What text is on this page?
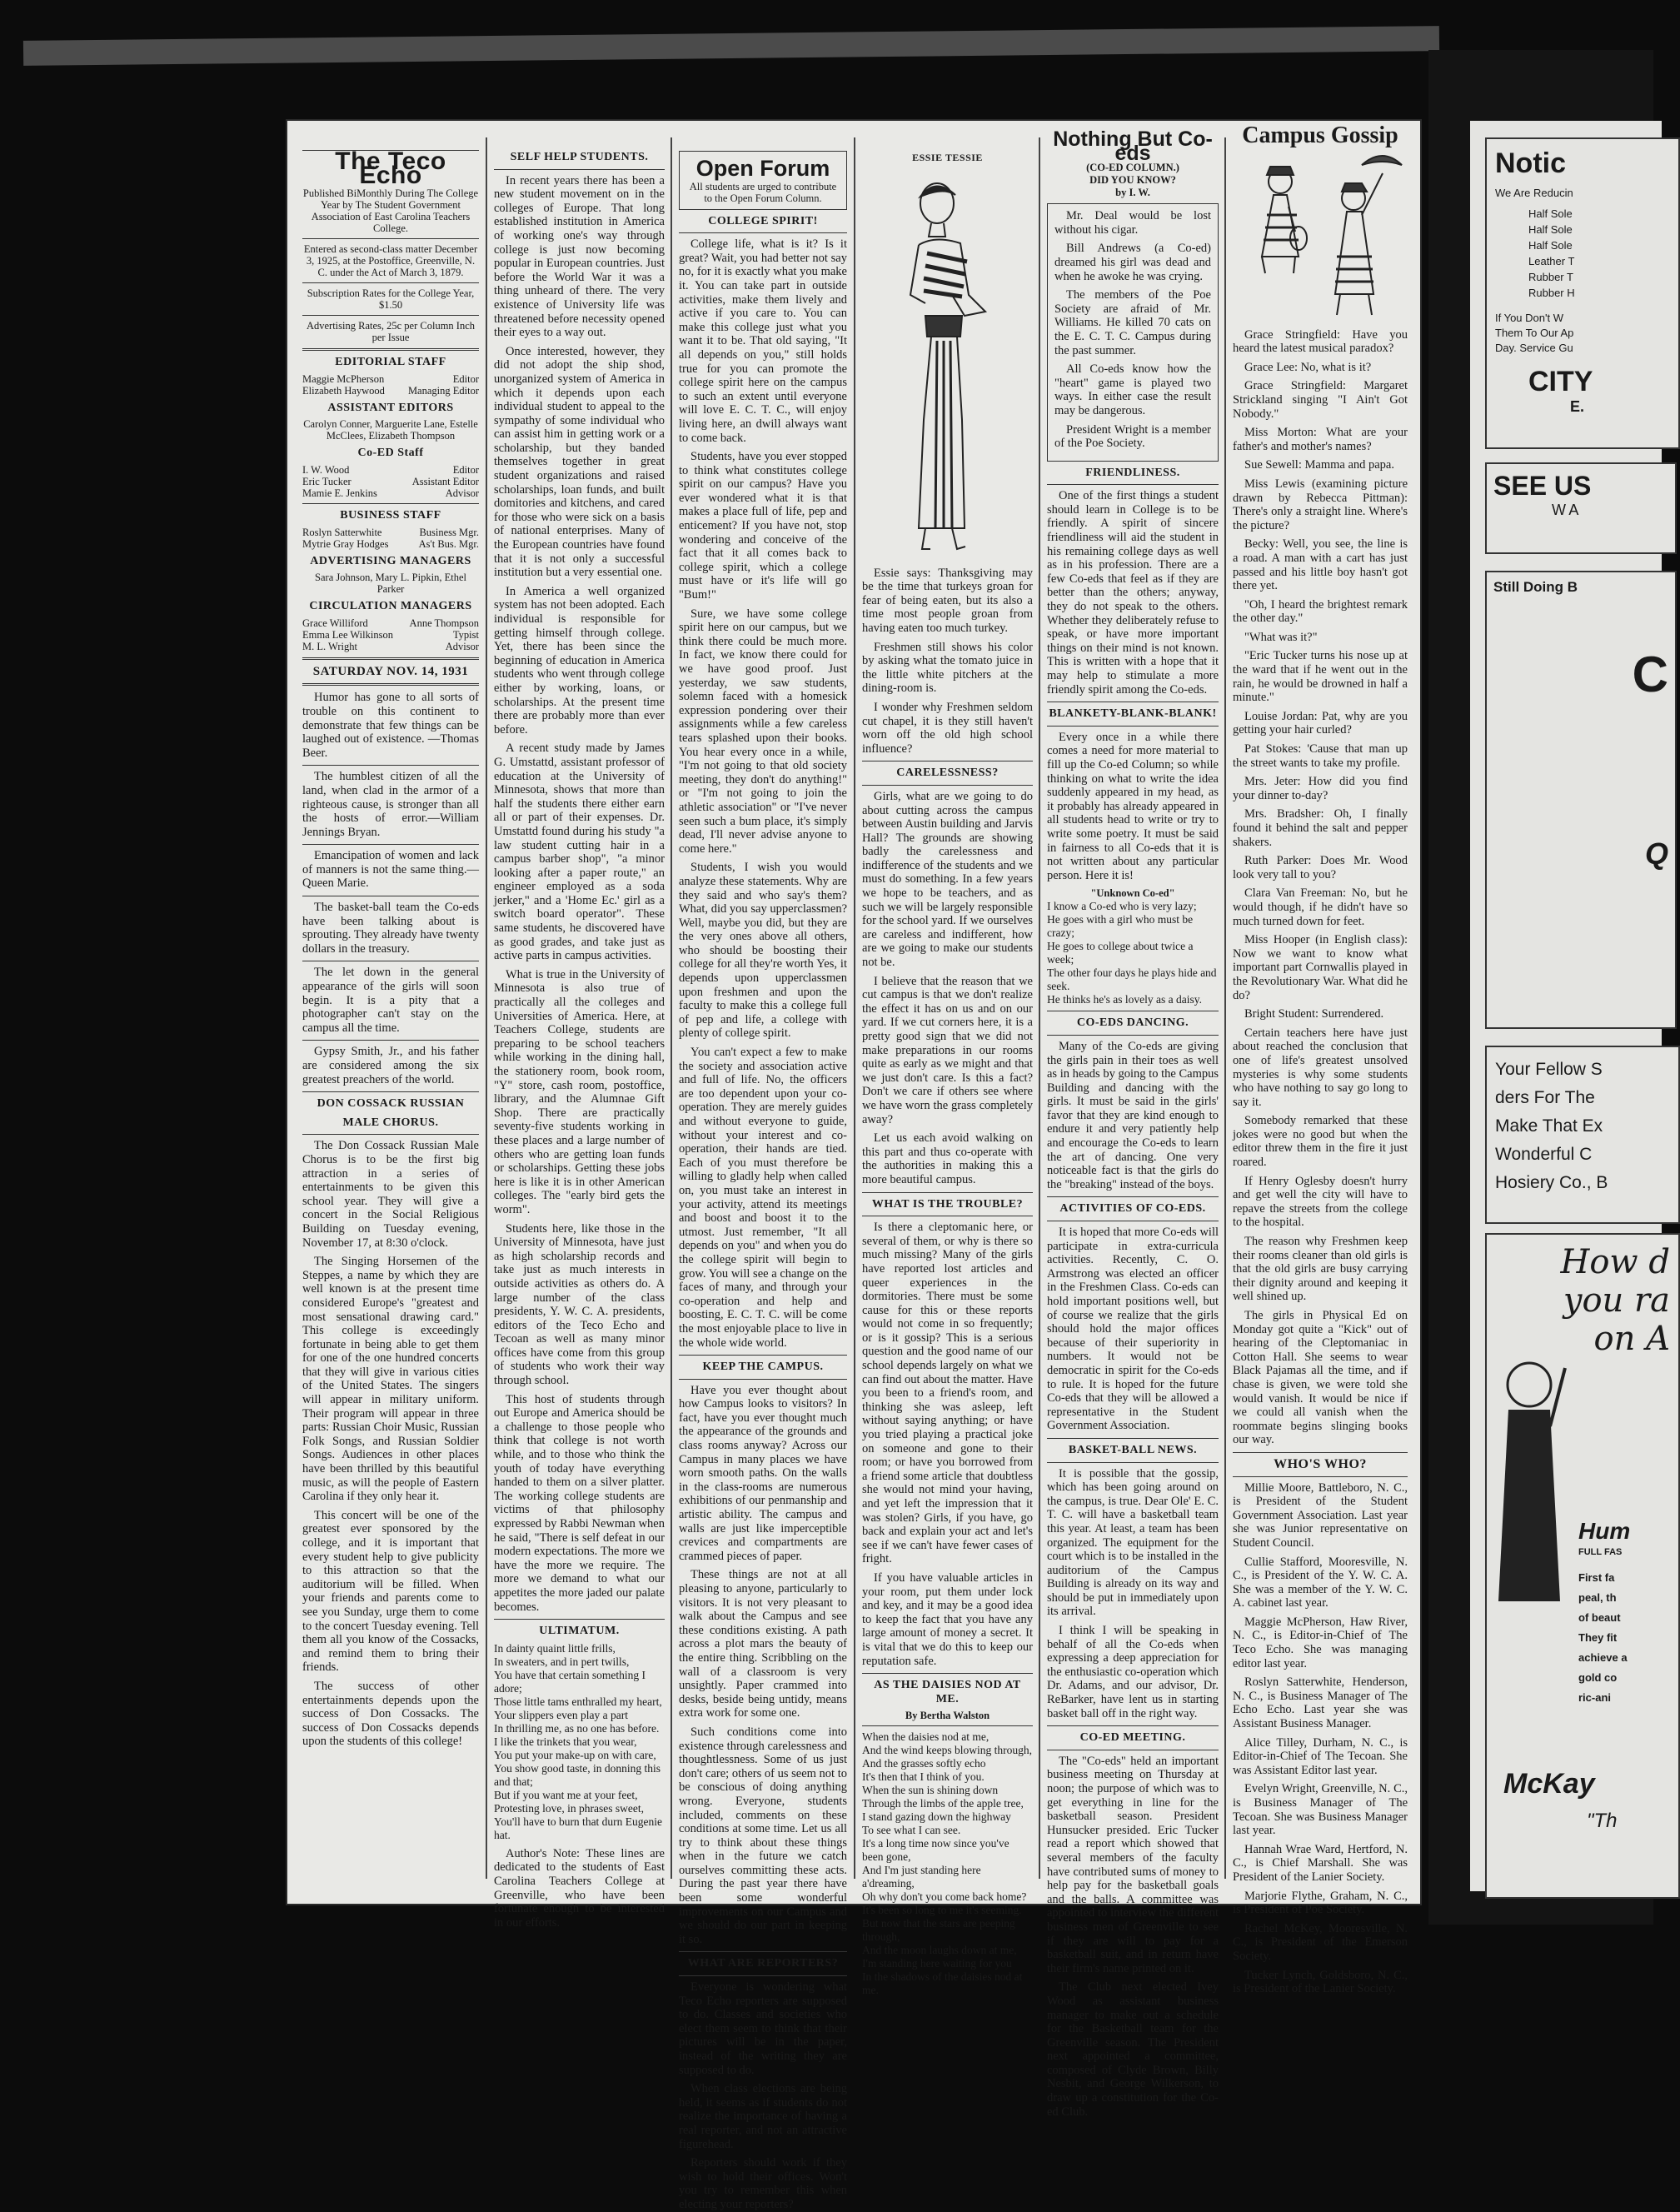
The Teco Echo
Published BiMonthly During The College Year by The Student Government Association of East Carolina Teachers College.
Entered as second-class matter December 3, 1925, at the Postoffice, Greenville, N. C. under the Act of March 3, 1879.
Subscription Rates for the College Year, $1.50
Advertising Rates, 25c per Column Inch per Issue
EDITORIAL STAFF
Maggie McPherson	Editor
Elizabeth Haywood Managing Editor
ASSISTANT EDITORS
Carolyn Conner, Marguerite Lane, Estelle McClees, Elizabeth Thompson
Co-ED Staff
I. W. Wood	Editor
Eric Tucker	Assistant Editor
Mamie E. Jenkins	Advisor
BUSINESS STAFF
Roslyn Satterwhite	Business Mgr.
Mytrie Gray Hodges	As't Bus. Mgr.
ADVERTISING MANAGERS
Sara Johnson, Mary L. Pipkin, Ethel Parker
CIRCULATION MANAGERS
Grace Williford	Anne Thompson
Emma Lee Wilkinson	Typist
M. L. Wright	Advisor
SATURDAY NOV. 14, 1931

Humor has gone to all sorts of trouble on this continent to demonstrate that few things can be laughed out of existence. —Thomas Beer.

The humblest citizen of all the land, when clad in the armor of a righteous cause, is stronger than all the hosts of error.—William Jennings Bryan.

Emancipation of women and lack of manners is not the same thing.—Queen Marie.

The basket-ball team the Co-eds have been talking about is sprouting. They already have twenty dollars in the treasury.

The let down in the general appearance of the girls will soon begin. It is a pity that a photographer can't stay on the campus all the time.

Gypsy Smith, Jr., and his father are considered among the six greatest preachers of the world.

DON COSSACK RUSSIAN
MALE CHORUS.

The Don Cossack Russian Male Chorus is to be the first big attraction in a series of entertainments to be given this school year. They will give a concert in the Social Religious Building on Tuesday evening, November 17, at 8:30 o'clock.

The Singing Horsemen of the Steppes, a name by which they are well known is at the present time considered Europe's "greatest and most sensational drawing card." This college is exceedingly fortunate in being able to get them for one of the one hundred concerts that they will give in various cities of the United States. The singers will appear in military uniform. Their program will appear in three parts: Russian Choir Music, Russian Folk Songs, and Russian Soldier Songs. Audiences in other places have been thrilled by this beautiful music, as will the people of Eastern Carolina if they only hear it.

This concert will be one of the greatest ever sponsored by the college, and it is important that every student help to give publicity to this attraction so that the auditorium will be filled. When your friends and parents come to see you Sunday, urge them to come to the concert Tuesday evening. Tell them all you know of the Cossacks, and remind them to bring their friends.

The success of other entertainments depends upon the success of Don Cossacks. The success of Don Cossacks depends upon the students of this college!

SELF HELP STUDENTS.

In recent years there has been a new student movement on in the colleges of Europe. That long established institution in America of working one's way through college is just now becoming popular in European countries. Just before the World War it was a thing unheard of there. The very existence of University life was threatened before necessity opened their eyes to a way out.

Once interested, however, they did not adopt the ship shod, unorganized system of America in which it depends upon each individual student to appeal to the sympathy of some individual who can assist him in getting work or a scholarship, but they banded themselves together in great student organizations and raised scholarships, loan funds, and built domitories and kitchens, and cared for those who were sick on a basis of national enterprises. Many of the European countries have found that it is not only a successful institution but a very essential one.

In America a well organized system has not been adopted. Each individual is responsible for getting himself through college. Yet, there has been since the beginning of education in America students who went through college either by working, loans, or scholarships. At the present time there are probably more than ever before.

A recent study made by James G. Umstattd, assistant professor of education at the University of Minnesota, shows that more than half the students there either earn all or part of their expenses. Dr. Umstattd found during his study "a law student cutting hair in a campus barber shop", "a minor looking after a paper route," an engineer employed as a soda jerker," and a 'Home Ec.' girl as a switch board operator". These same students, he discovered have as good grades, and take just as active parts in campus activities.

What is true in the University of Minnesota is also true of practically all the colleges and Universities of America. Here, at Teachers College, students are preparing to be school teachers while working in the dining hall, the stationery room, book room, "Y" store, cash room, postoffice, library, and the Alumnae Gift Shop. There are practically seventy-five students working in these places and a large number of others who are getting loan funds or scholarships. Getting these jobs here is like it is in other American colleges. The "early bird gets the worm".

Students here, like those in the University of Minnesota, have just as high scholarship records and take just as much interests in outside activities as others do. A large number of the class presidents, Y. W. C. A. presidents, editors of the Teco Echo and Tecoan as well as many minor offices have come from this group of students who work their way through school.

This host of students through out Europe and America should be a challenge to those people who think that college is not worth while, and to those who think the youth of today have everything handed to them on a silver platter. The working college students are victims of that philosophy expressed by Rabbi Newman when he said, "There is self defeat in our modern expectations. The more we have the more we require. The more we demand to what our appetites the more jaded our palate becomes.

ULTIMATUM.
In dainty quaint little frills,
In sweaters, and in pert twills,
You have that certain something I adore;
Those little tams enthralled my heart,
Your slippers even play a part
In thrilling me, as no one has before.
I like the trinkets that you wear,
You put your make-up on with care,
You show good taste, in donning this and that;
But if you want me at your feet,
Protesting love, in phrases sweet,
You'll have to burn that durn Eugenie hat.

Author's Note: These lines are dedicated to the students of East Carolina Teachers College at Greenville, who have been fortunate enough to be interested in our efforts.

Open Forum
All students are urged to contribute to the Open Forum Column.
COLLEGE SPIRIT!

College life, what is it? Is it great? Wait, you had better not say no, for it is exactly what you make it. You can take part in outside activities, make them lively and active if you care to. You can make this college just what you want it to be. That old saying, "It all depends on you," still holds true for you can promote the college spirit here on the campus to such an extent until everyone will love E. C. T. C., will enjoy living here, an dwill always want to come back.

Students, have you ever stopped to think what constitutes college spirit on our campus? Have you ever wondered what it is that makes a place full of life, pep and enticement? If you have not, stop wondering and conceive of the fact that it all comes back to college spirit, which a college must have or it's life will go "Bum!"

Sure, we have some college spirit here on our campus, but we think there could be much more. In fact, we know there could for we have good proof. Just yesterday, we saw students, solemn faced with a homesick expression pondering over their assignments while a few careless tears splashed upon their books. You hear every once in a while, "I'm not going to that old society meeting, they don't do anything!" or "I'm not going to join the athletic association" or "I've never seen such a bum place, it's simply dead, I'll never advise anyone to come here."

Students, I wish you would analyze these statements. Why are they said and who say's them? What, did you say upperclassmen? Well, maybe you did, but they are the very ones above all others, who should be boosting their college for all they're worth Yes, it depends upon upperclassmen upon freshmen and upon the faculty to make this a college full of pep and life, a college with plenty of college spirit.

You can't expect a few to make the society and association active and full of life. No, the officers are too dependent upon your co-operation. They are merely guides and without everyone to guide, without your interest and co-operation, their hands are tied. Each of you must therefore be willing to gladly help when called on, you must take an interest in your activity, attend its meetings and boost and boost it to the utmost. Just remember, "It all depends on you" and when you do the college spirit will begin to grow. You will see a change on the faces of many, and through your co-operation and help and boosting, E. C. T. C. will be come the most enjoyable place to live in the whole wide world.

KEEP THE CAMPUS.

Have you ever thought about how Campus looks to visitors? In fact, have you ever thought much the appearance of the grounds and class rooms anyway? Across our Campus in many places we have worn smooth paths. On the walls in the class-rooms are numerous exhibitions of our penmanship and artistic ability. The campus and walls are just like imperceptible crevices and compartments are crammed pieces of paper.

These things are not at all pleasing to anyone, particularly to visitors. It is not very pleasant to walk about the Campus and see these conditions existing. A path across a plot mars the beauty of the entire thing. Scribbling on the wall of a classroom is very unsightly. Paper crammed into desks, beside being untidy, means extra work for some one.

Such conditions come into existence through carelessness and thoughtlessness. Some of us just don't care; others of us seem not to be conscious of doing anything wrong. Everyone, students included, comments on these conditions at some time. Let us all try to think about these things when in the future we catch ourselves committing these acts. During the past year there have been some wonderful improvements on our Campus and we should do our part in keeping it so.

WHAT ARE REPORTERS?

Everyone is wondering what Teco Echo reporters are supposed to do. Classes and societies who elect them seem to think that their pictures will be in the paper, instead of the writing they are supposed to do.

When class elections are being held, it seems as if students do not realize the importance of having a real reporter, and not an attractive figurehead.

Reporters should work if they wish to hold their offices. Won't you try to remember this when electing your reporters?

ESSIE TESSIE

Essie says: Thanksgiving may be the time that turkeys groan for fear of being eaten, but its also a time most people groan from having eaten too much turkey.

Freshmen still shows his color by asking what the tomato juice in the little white pitchers at the dining-room is.

I wonder why Freshmen seldom cut chapel, it is they still haven't worn off the old high school influence?

CARELESSNESS?

Girls, what are we going to do about cutting across the campus between Austin building and Jarvis Hall? The grounds are showing badly the carelessness and indifference of the students and we must do something. In a few years we hope to be teachers, and as such we will be largely responsible for the school yard. If we ourselves are careless and indifferent, how are we going to make our students not be.

I believe that the reason that we cut campus is that we don't realize the effect it has on us and on our yard. If we cut corners here, it is a pretty good sign that we did not make preparations in our rooms quite as early as we might and that we just don't care. Is this a fact? Don't we care if others see where we have worn the grass completely away?

Let us each avoid walking on this part and thus co-operate with the authorities in making this a more beautiful campus.

WHAT IS THE TROUBLE?

Is there a cleptomanic here, or several of them, or why is there so much missing? Many of the girls have reported lost articles and queer experiences in the dormitories. There must be some cause for this or these reports would not come in so frequently; or is it gossip? This is a serious question and the good name of our school depends largely on what we can find out about the matter. Have you been to a friend's room, and thinking she was asleep, left without saying anything; or have you tried playing a practical joke on someone and gone to their room; or have you borrowed from a friend some article that doubtless she would not mind your having, and yet left the impression that it was stolen? Girls, if you have, go back and explain your act and let's see if we can't have fewer cases of fright.

If you have valuable articles in your room, put them under lock and key, and it may be a good idea to keep the fact that you have any large amount of money a secret. It is vital that we do this to keep our reputation safe.

AS THE DAISIES NOD AT ME.
By Bertha Walston
When the daisies nod at me,
And the wind keeps blowing through,
And the grasses softly echo
It's then that I think of you.
When the sun is shining down
Through the limbs of the apple tree,
I stand gazing down the highway
To see what I can see.
It's a long time now since you've been gone,
And I'm just standing here a'dreaming,
Oh why don't you come back home?
It's been so long to me it's seeming.
But now that the stars are peeping through,
And the moon laughs down at me,
I'm standing here waiting for you
In the shadows of the daisies nod at me.
Nothing But Co-eds
(CO-ED COLUMN.)
DID YOU KNOW?
by I. W.

Mr. Deal would be lost without his cigar.

Bill Andrews (a Co-ed) dreamed his girl was dead and when he awoke he was crying.

The members of the Poe Society are afraid of Mr. Williams. He killed 70 cats on the E. C. T. C. Campus during the past summer.

All Co-eds know how the "heart" game is played two ways. In either case the result may be dangerous.

President Wright is a member of the Poe Society.

FRIENDLINESS.

One of the first things a student should learn in College is to be friendly. A spirit of sincere friendliness will aid the student in his remaining college days as well as in his profession. There are a few Co-eds that feel as if they are better than the others; anyway, they do not speak to the others. Whether they deliberately refuse to speak, or have more important things on their mind is not known. This is written with a hope that it may help to stimulate a more friendly spirit among the Co-eds.

BLANKETY-BLANK-BLANK!

Every once in a while there comes a need for more material to fill up the Co-ed Column; so while thinking on what to write the idea suddenly appeared in my head, as it probably has already appeared in all students head to write or try to write some poetry. It must be said in fairness to all Co-eds that it is not written about any particular person. Here it is!

"Unknown Co-ed"
I know a Co-ed who is very lazy;
He goes with a girl who must be crazy;
He goes to college about twice a week;
The other four days he plays hide and seek.
He thinks he's as lovely as a daisy.
CO-EDS DANCING.

Many of the Co-eds are giving the girls pain in their toes as well as in heads by going to the Campus Building and dancing with the girls. It must be said in the girls' favor that they are kind enough to endure it and very patiently help and encourage the Co-eds to learn the art of dancing. One very noticeable fact is that the girls do the "breaking" instead of the boys.

ACTIVITIES OF CO-EDS.

It is hoped that more Co-eds will participate in extra-curricula activities. Recently, C. O. Armstrong was elected an officer in the Freshmen Class. Co-eds can hold important positions well, but of course we realize that the girls should hold the major offices because of their superiority in numbers. It would not be democratic in spirit for the Co-eds to rule. It is hoped for the future Co-eds that they will be allowed a representative in the Student Government Association.

BASKET-BALL NEWS.

It is possible that the gossip, which has been going around on the campus, is true. Dear Ole' E. C. T. C. will have a basketball team this year. At least, a team has been organized. The equipment for the court which is to be installed in the auditorium of the Campus Building is already on its way and should be put in immediately upon its arrival.

I think I will be speaking in behalf of all the Co-eds when expressing a deep appreciation for the enthusiastic co-operation which Dr. Adams, and our advisor, Dr. ReBarker, have lent us in starting basket ball off in the right way.

CO-ED MEETING.

The "Co-eds" held an important business meeting on Thursday at noon; the purpose of which was to get everything in line for the basketball season. President Hunsucker presided. Eric Tucker read a report which showed that several members of the faculty have contributed sums of money to help pay for the basketball goals and the balls. A committee was appointed to interview the different business men of Greenville to see if they are will to pay for a basketball suit, and in return have their firm's name printed on it.

The Club next elected Ivey Wood as assistant business manager to make out a schedule for the Basketball team for the Greenville season. The President next appointed a committee, composed of Clyde Brown, Billy Nesbit, and George Wilkerson, to draw up a constitution for the Co-ed Club.

Campus Gossip

Grace Stringfield: Have you heard the latest musical paradox?

Grace Lee: No, what is it?

Grace Stringfield: Margaret Strickland singing "I Ain't Got Nobody."

Miss Morton: What are your father's and mother's names?

Sue Sewell: Mamma and papa.

Miss Lewis (examining picture drawn by Rebecca Pittman): There's only a straight line. Where's the picture?

Becky: Well, you see, the line is a road. A man with a cart has just passed and his little boy hasn't got there yet.

"Oh, I heard the brightest remark the other day."

"What was it?"

"Eric Tucker turns his nose up at the ward that if he went out in the rain, he would be drowned in half a minute."

Louise Jordan: Pat, why are you getting your hair curled?

Pat Stokes: 'Cause that man up the street wants to take my profile.

Mrs. Jeter: How did you find your dinner to-day?

Mrs. Bradsher: Oh, I finally found it behind the salt and pepper shakers.

Ruth Parker: Does Mr. Wood look very tall to you?

Clara Van Freeman: No, but he would though, if he didn't have so much turned down for feet.

Miss Hooper (in English class): Now we want to know what important part Cornwallis played in the Revolutionary War. What did he do?

Bright Student: Surrendered.

Certain teachers here have just about reached the conclusion that one of life's greatest unsolved mysteries is why some students who have nothing to say go long to say it.

Somebody remarked that these jokes were no good but when the editor threw them in the fire it just roared.

If Henry Oglesby doesn't hurry and get well the city will have to repave the streets from the college to the hospital.

The reason why Freshmen keep their rooms cleaner than old girls is that the old girls are busy carrying their dignity around and keeping it well shined up.

The girls in Physical Ed on Monday got quite a "Kick" out of hearing of the Cleptomaniac in Cotton Hall. She seems to wear Black Pajamas all the time, and if chase is given, we were told she would vanish. It would be nice if we could all vanish when the roommate begins slinging books our way.

WHO'S WHO?

Millie Moore, Battleboro, N. C., is President of the Student Government Association. Last year she was Junior representative on Student Council.

Cullie Stafford, Mooresville, N. C., is President of the Y. W. C. A. She was a member of the Y. W. C. A. cabinet last year.

Maggie McPherson, Haw River, N. C., is Editor-in-Chief of The Teco Echo. She was managing editor last year.

Roslyn Satterwhite, Henderson, N. C., is Business Manager of The Echo Echo. Last year she was Assistant Business Manager.

Alice Tilley, Durham, N. C., is Editor-in-Chief of The Tecoan. She was Assistant Editor last year.

Evelyn Wright, Greenville, N. C., is Business Manager of The Tecoan. She was Business Manager last year.

Hannah Wrae Ward, Hertford, N. C., is Chief Marshall. She was President of the Lanier Society.

Marjorie Flythe, Graham, N. C., is President of Poe Society.

Rachel McKey, Mooresville, N. C., is President of the Emerson Society.

Tucker Lynch, Goldsboro, N. C., is President of the Lanier Society.

Notic
We Are Reducin
Half Sole
Half Sole
Half Sole
Leather T
Rubber T
Rubber H
If You Don't W
Them To Our Ap
Day. Service Gu
CITY
E.
SEE US
WA
Still Doing B
C
Q
Your Fellow S
ders For The
Make That Ex
Wonderful C
Hosiery Co., B
How d
you ra
on A
Hum
FULL FAS
First fa
peal, th
of beaut
They fit
achieve a
gold co
ric-ani
McKay
"Th
